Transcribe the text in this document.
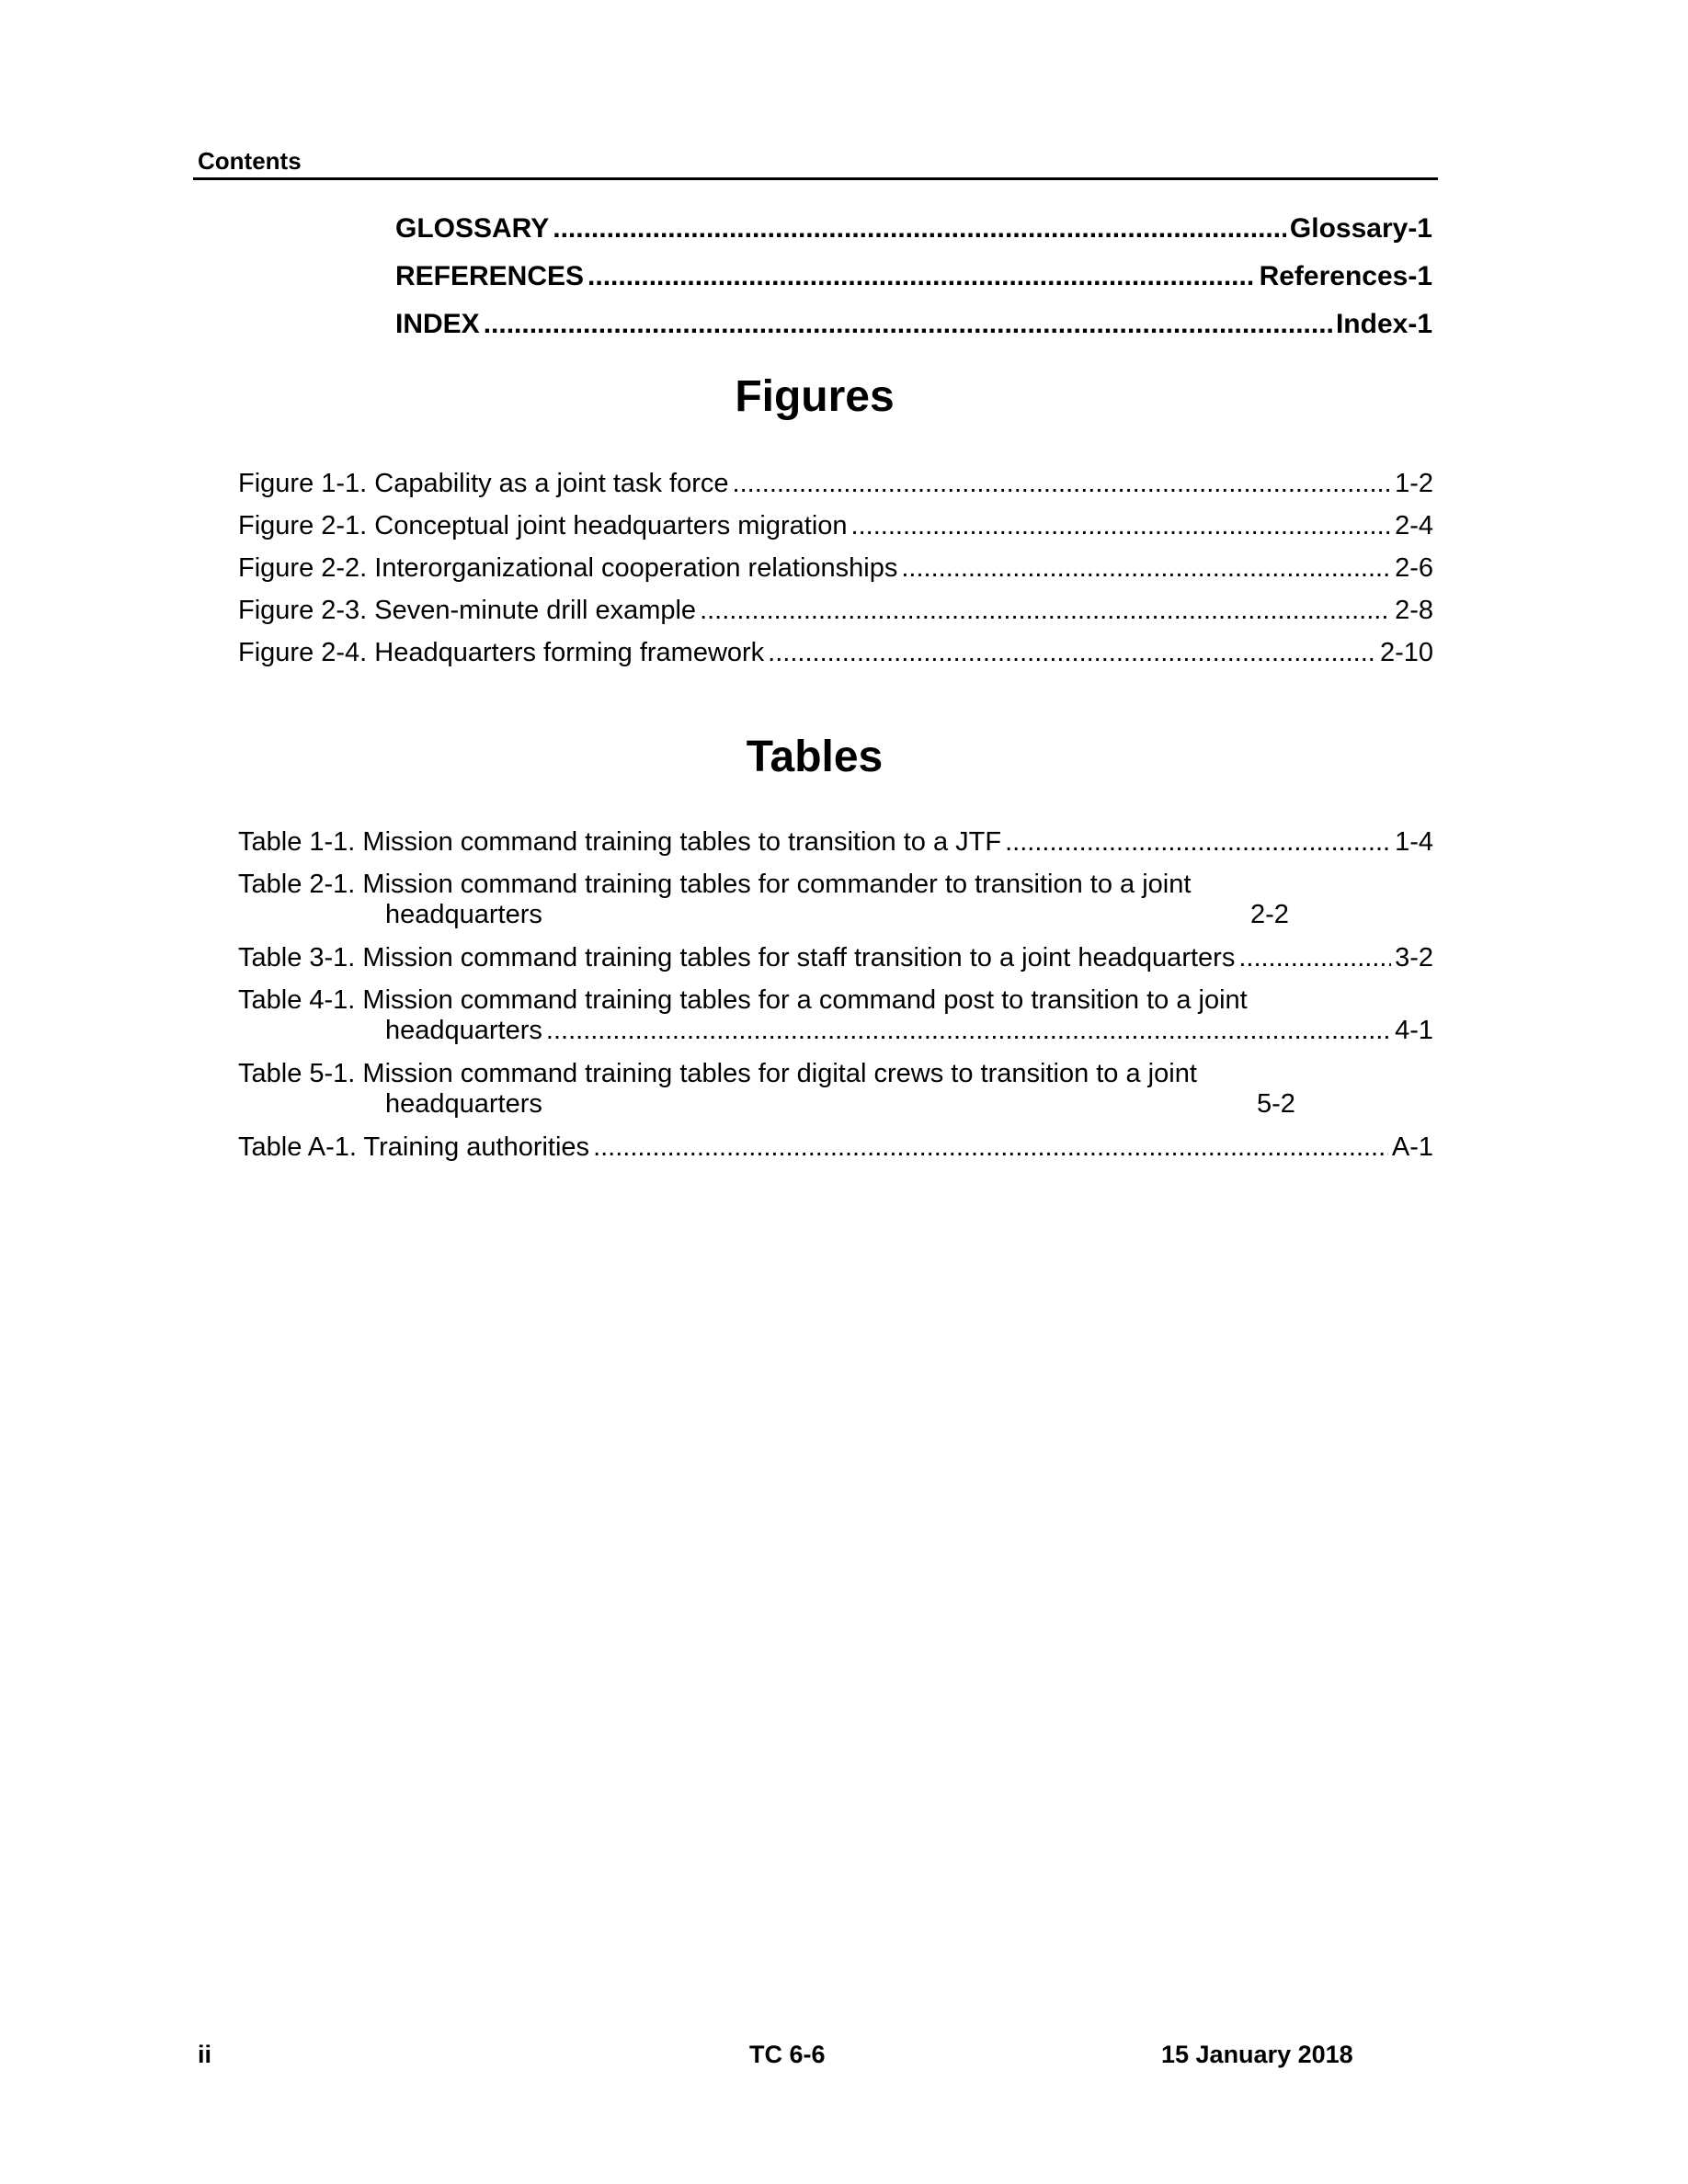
Contents
GLOSSARY .....	Glossary-1
REFERENCES .....	References-1
INDEX .....	Index-1
Figures
Figure 1-1. Capability as a joint task force .....	1-2
Figure 2-1. Conceptual joint headquarters migration .....	2-4
Figure 2-2. Interorganizational cooperation relationships .....	2-6
Figure 2-3. Seven-minute drill example .....	2-8
Figure 2-4. Headquarters forming framework .....	2-10
Tables
Table 1-1. Mission command training tables to transition to a JTF .....	1-4
Table 2-1. Mission command training tables for commander to transition to a joint
headquarters	2-2
Table 3-1. Mission command training tables for staff transition to a joint headquarters .....	3-2
Table 4-1. Mission command training tables for a command post to transition to a joint
headquarters .....	4-1
Table 5-1. Mission command training tables for digital crews to transition to a joint
headquarters	5-2
Table A-1. Training authorities .....	A-1
ii	TC 6-6	15 January 2018
